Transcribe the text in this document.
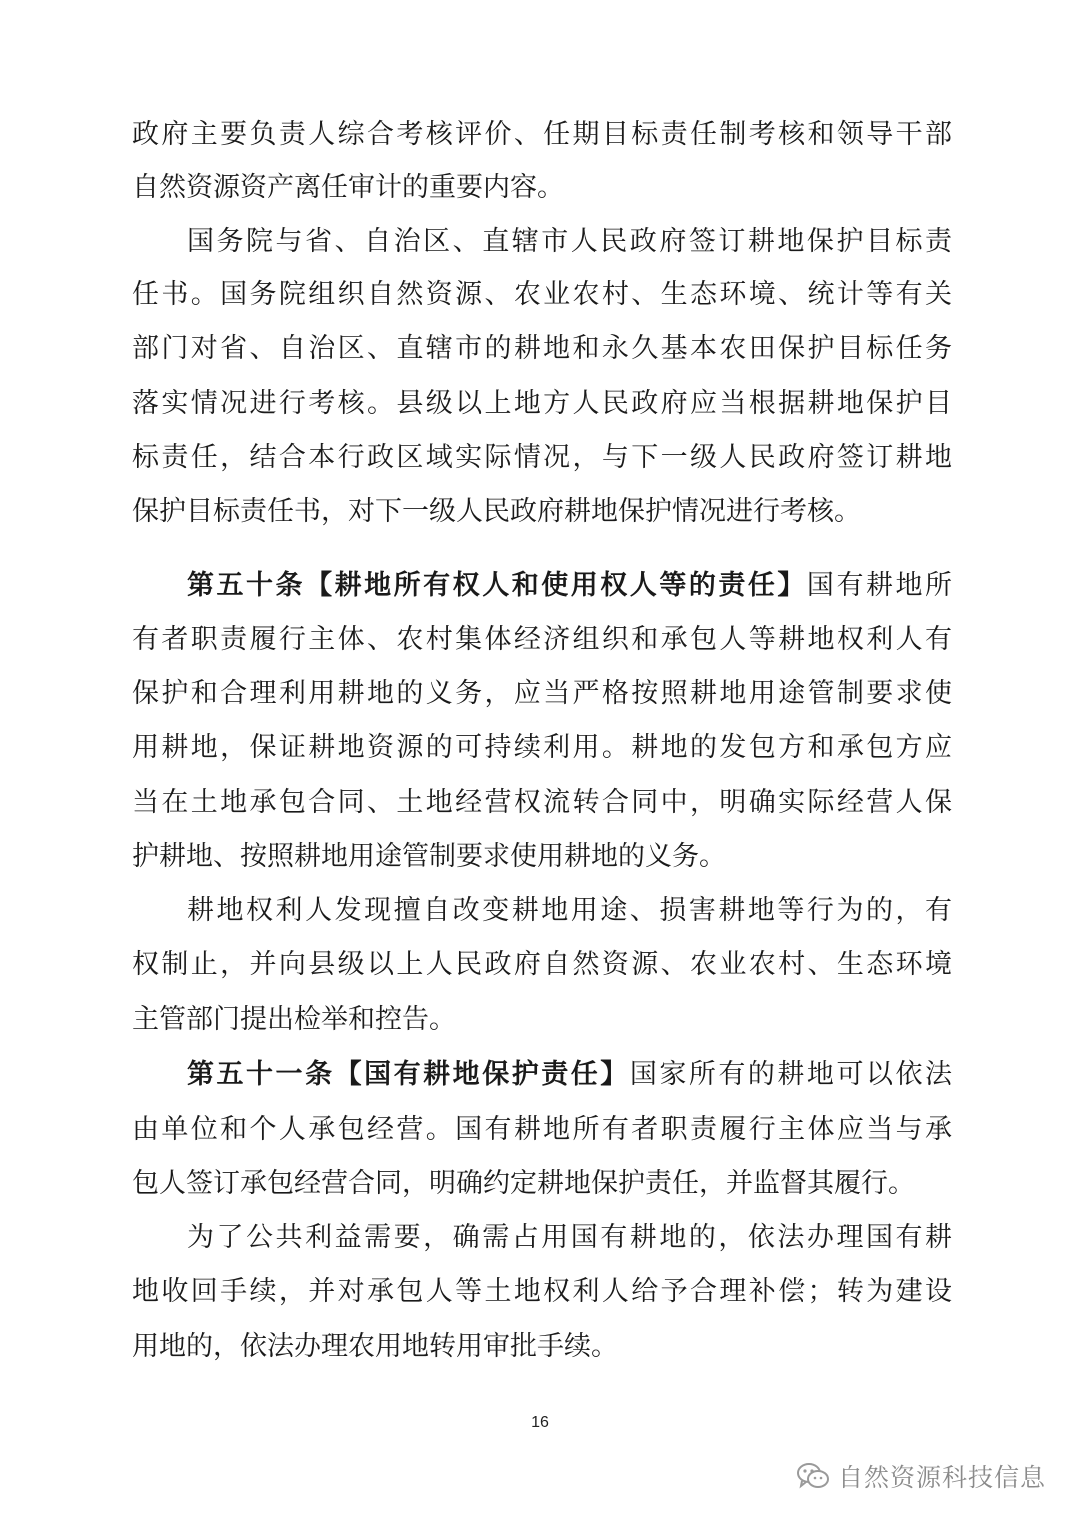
政府主要负责人综合考核评价、任期目标责任制考核和领导干部
自然资源资产离任审计的重要内容。
国务院与省、自治区、直辖市人民政府签订耕地保护目标责
任书。国务院组织自然资源、农业农村、生态环境、统计等有关
部门对省、自治区、直辖市的耕地和永久基本农田保护目标任务
落实情况进行考核。县级以上地方人民政府应当根据耕地保护目
标责任，结合本行政区域实际情况，与下一级人民政府签订耕地
保护目标责任书，对下一级人民政府耕地保护情况进行考核。
第五十条【耕地所有权人和使用权人等的责任】国有耕地所
有者职责履行主体、农村集体经济组织和承包人等耕地权利人有
保护和合理利用耕地的义务，应当严格按照耕地用途管制要求使
用耕地，保证耕地资源的可持续利用。耕地的发包方和承包方应
当在土地承包合同、土地经营权流转合同中，明确实际经营人保
护耕地、按照耕地用途管制要求使用耕地的义务。
耕地权利人发现擅自改变耕地用途、损害耕地等行为的，有
权制止，并向县级以上人民政府自然资源、农业农村、生态环境
主管部门提出检举和控告。
第五十一条【国有耕地保护责任】国家所有的耕地可以依法
由单位和个人承包经营。国有耕地所有者职责履行主体应当与承
包人签订承包经营合同，明确约定耕地保护责任，并监督其履行。
为了公共利益需要，确需占用国有耕地的，依法办理国有耕
地收回手续，并对承包人等土地权利人给予合理补偿；转为建设
用地的，依法办理农用地转用审批手续。
16
自然资源科技信息
